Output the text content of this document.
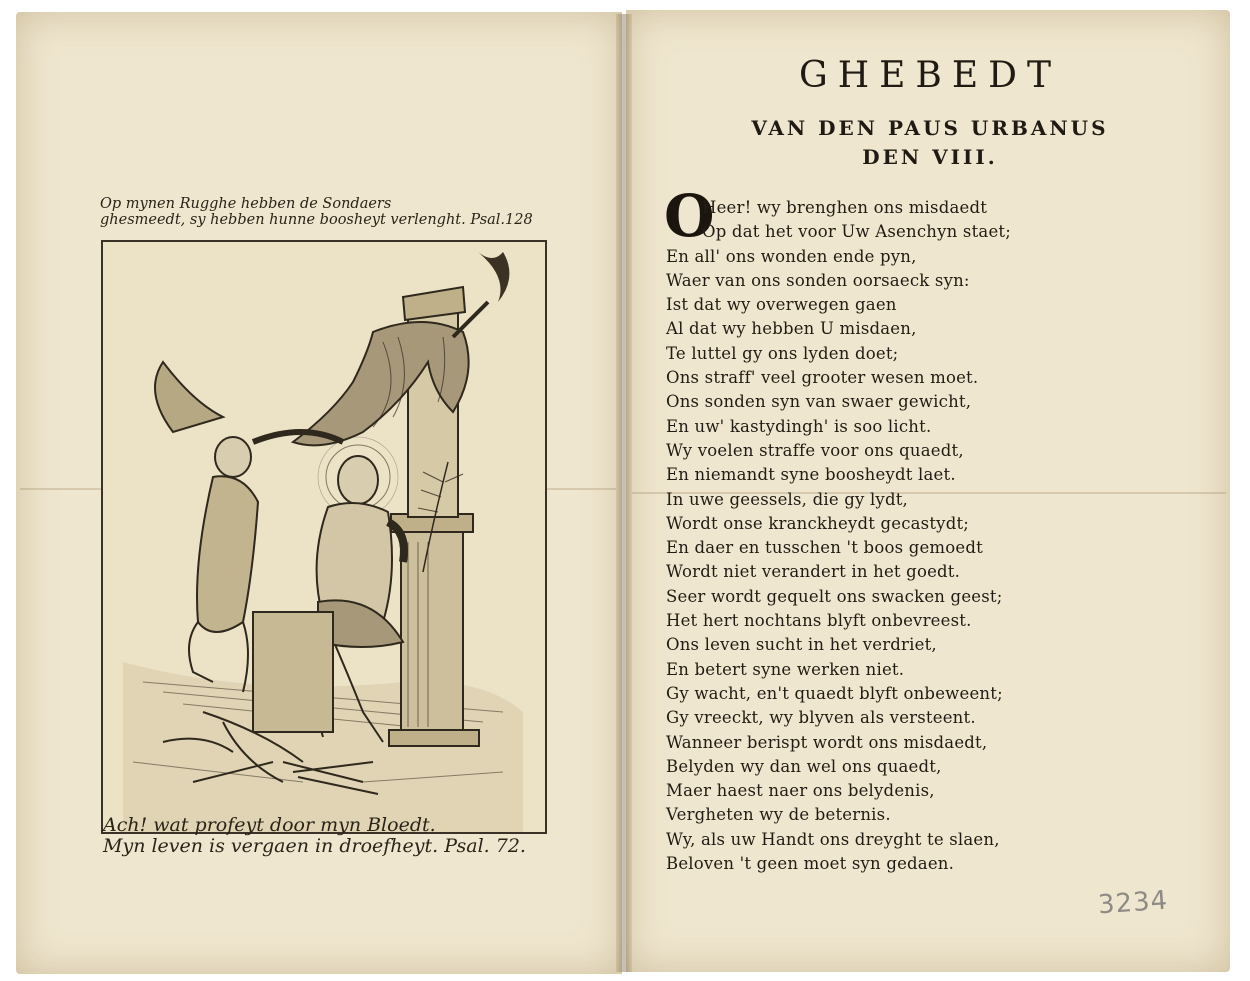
Op mynen Rugghe hebben de Sondaers
ghesmeedt, sy hebben hunne boosheyt verlenght. Psal.128
Ach! wat profeyt door myn Bloedt.
Myn leven is vergaen in droefheyt. Psal. 72.
GHEBEDT
VAN DEN PAUS URBANUS
DEN VIII.
O
Heer! wy brenghen ons misdaedt
Op dat het voor Uw Asenchyn staet;
En all' ons wonden ende pyn,
Waer van ons sonden oorsaeck syn:
Ist dat wy overwegen gaen
Al dat wy hebben U misdaen,
Te luttel gy ons lyden doet;
Ons straff' veel grooter wesen moet.
Ons sonden syn van swaer gewicht,
En uw' kastydingh' is soo licht.
Wy voelen straffe voor ons quaedt,
En niemandt syne boosheydt laet.
In uwe geessels, die gy lydt,
Wordt onse kranckheydt gecastydt;
En daer en tusschen 't boos gemoedt
Wordt niet verandert in het goedt.
Seer wordt gequelt ons swacken geest;
Het hert nochtans blyft onbevreest.
Ons leven sucht in het verdriet,
En betert syne werken niet.
Gy wacht, en't quaedt blyft onbeweent;
Gy vreeckt, wy blyven als versteent.
Wanneer berispt wordt ons misdaedt,
Belyden wy dan wel ons quaedt,
Maer haest naer ons belydenis,
Vergheten wy de beternis.
Wy, als uw Handt ons dreyght te slaen,
Beloven 't geen moet syn gedaen.
3234
